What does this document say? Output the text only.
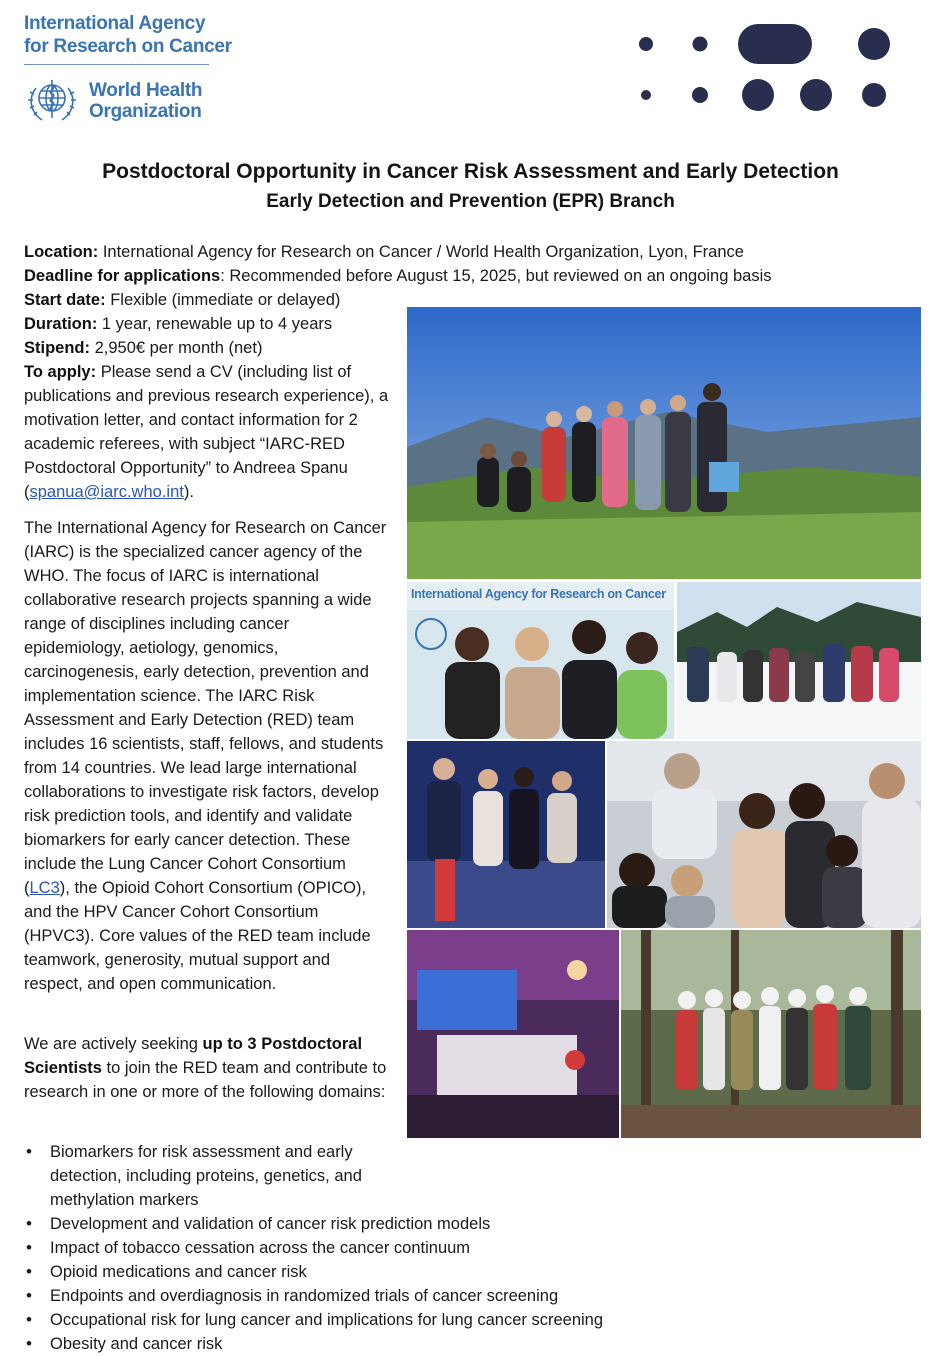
International Agency
for Research on Cancer
World Health
Organization
Postdoctoral Opportunity in Cancer Risk Assessment and Early Detection
Early Detection and Prevention (EPR) Branch
Location: International Agency for Research on Cancer / World Health Organization, Lyon, France
Deadline for applications: Recommended before August 15, 2025, but reviewed on an ongoing basis

Start date: Flexible (immediate or delayed)

Duration: 1 year, renewable up to 4 years

Stipend: 2,950€ per month (net)

To apply: Please send a CV (including list of publications and previous research experience), a motivation letter, and contact information for 2 academic referees, with subject “IARC-RED Postdoctoral Opportunity” to Andreea Spanu (spanua@iarc.who.int).

The International Agency for Research on Cancer (IARC) is the specialized cancer agency of the WHO. The focus of IARC is international collaborative research projects spanning a wide range of disciplines including cancer epidemiology, aetiology, genomics, carcinogenesis, early detection, prevention and implementation science. The IARC Risk Assessment and Early Detection (RED) team includes 16 scientists, staff, fellows, and students from 14 countries. We lead large international collaborations to investigate risk factors, develop risk prediction tools, and identify and validate biomarkers for early cancer detection. These include the Lung Cancer Cohort Consortium (LC3), the Opioid Cohort Consortium (OPICO), and the HPV Cancer Cohort Consortium (HPVC3). Core values of the RED team include teamwork, generosity, mutual support and respect, and open communication.

We are actively seeking up to 3 Postdoctoral Scientists to join the RED team and contribute to research in one or more of the following domains:

International Agency for Research on Cancer
• Biomarkers for risk assessment and early detection, including proteins, genetics, and methylation markers
• Development and validation of cancer risk prediction models
• Impact of tobacco cessation across the cancer continuum
• Opioid medications and cancer risk
• Endpoints and overdiagnosis in randomized trials of cancer screening
• Occupational risk for lung cancer and implications for lung cancer screening
• Obesity and cancer risk
